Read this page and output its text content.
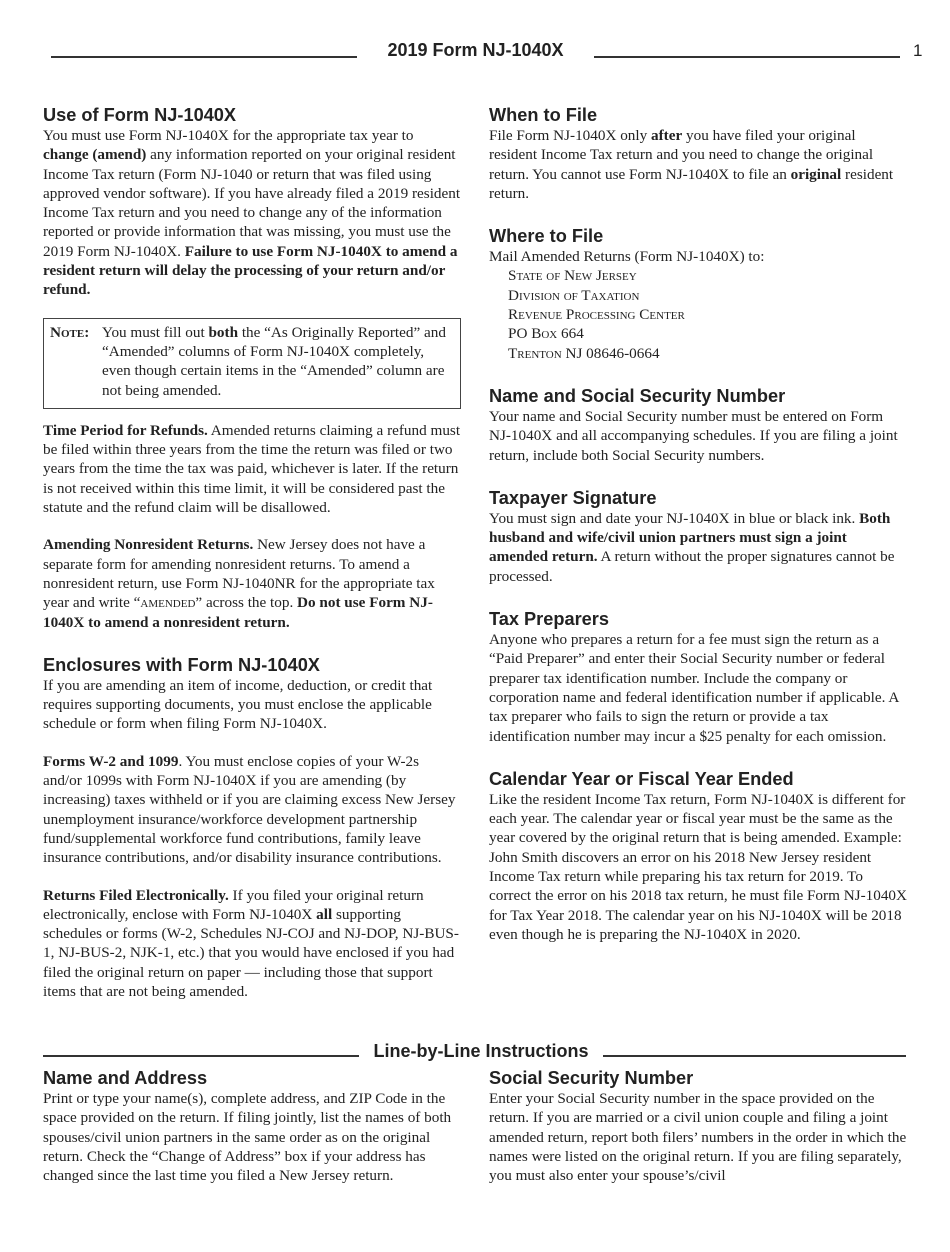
2019 Form NJ-1040X	1
Use of Form NJ-1040X

You must use Form NJ-1040X for the appropriate tax year to change (amend) any information reported on your original resident Income Tax return (Form NJ-1040 or return that was filed using approved vendor software). If you have already filed a 2019 resident Income Tax return and you need to change any of the information reported or provide information that was missing, you must use the 2019 Form NJ-1040X. Failure to use Form NJ-1040X to amend a resident return will delay the processing of your return and/or refund.

Note: You must fill out both the “As Originally Reported” and “Amended” columns of Form NJ-1040X completely, even though certain items in the “Amended” column are not being amended.

Time Period for Refunds. Amended returns claiming a refund must be filed within three years from the time the return was filed or two years from the time the tax was paid, whichever is later. If the return is not received within this time limit, it will be considered past the statute and the refund claim will be disallowed.

Amending Nonresident Returns. New Jersey does not have a separate form for amending nonresident returns. To amend a nonresident return, use Form NJ-1040NR for the appropriate tax year and write “amended” across the top. Do not use Form NJ-1040X to amend a nonresident return.

Enclosures with Form NJ-1040X

If you are amending an item of income, deduction, or credit that requires supporting documents, you must enclose the applicable schedule or form when filing Form NJ-1040X.

Forms W-2 and 1099. You must enclose copies of your W-2s and/or 1099s with Form NJ-1040X if you are amending (by increasing) taxes withheld or if you are claiming excess New Jersey unemployment insurance/workforce development partnership fund/supplemental workforce fund contributions, family leave insurance contributions, and/or disability insurance contributions.

Returns Filed Electronically. If you filed your original return electronically, enclose with Form NJ-1040X all supporting schedules or forms (W-2, Schedules NJ-COJ and NJ-DOP, NJ-BUS-1, NJ-BUS-2, NJK-1, etc.) that you would have enclosed if you had filed the original return on paper — including those that support items that are not being amended.

When to File

File Form NJ-1040X only after you have filed your original resident Income Tax return and you need to change the original return. You cannot use Form NJ-1040X to file an original resident return.

Where to File

Mail Amended Returns (Form NJ-1040X) to:

State of New Jersey
Division of Taxation
Revenue Processing Center
PO Box 664
Trenton NJ 08646-0664
Name and Social Security Number

Your name and Social Security number must be entered on Form NJ-1040X and all accompanying schedules. If you are filing a joint return, include both Social Security numbers.

Taxpayer Signature

You must sign and date your NJ-1040X in blue or black ink. Both husband and wife/civil union partners must sign a joint amended return. A return without the proper signatures cannot be processed.

Tax Preparers

Anyone who prepares a return for a fee must sign the return as a “Paid Preparer” and enter their Social Security number or federal preparer tax identification number. Include the company or corporation name and federal identification number if applicable. A tax preparer who fails to sign the return or provide a tax identification number may incur a $25 penalty for each omission.

Calendar Year or Fiscal Year Ended

Like the resident Income Tax return, Form NJ-1040X is different for each year. The calendar year or fiscal year must be the same as the year covered by the original return that is being amended. Example: John Smith discovers an error on his 2018 New Jersey resident Income Tax return while preparing his tax return for 2019. To correct the error on his 2018 tax return, he must file Form NJ-1040X for Tax Year 2018. The calendar year on his NJ-1040X will be 2018 even though he is preparing the NJ-1040X in 2020.

Line-by-Line Instructions
Name and Address

Print or type your name(s), complete address, and ZIP Code in the space provided on the return. If filing jointly, list the names of both spouses/civil union partners in the same order as on the original return. Check the “Change of Address” box if your address has changed since the last time you filed a New Jersey return.

Social Security Number

Enter your Social Security number in the space provided on the return. If you are married or a civil union couple and filing a joint amended return, report both filers’ numbers in the order in which the names were listed on the original return. If you are filing separately, you must also enter your spouse’s/civil
